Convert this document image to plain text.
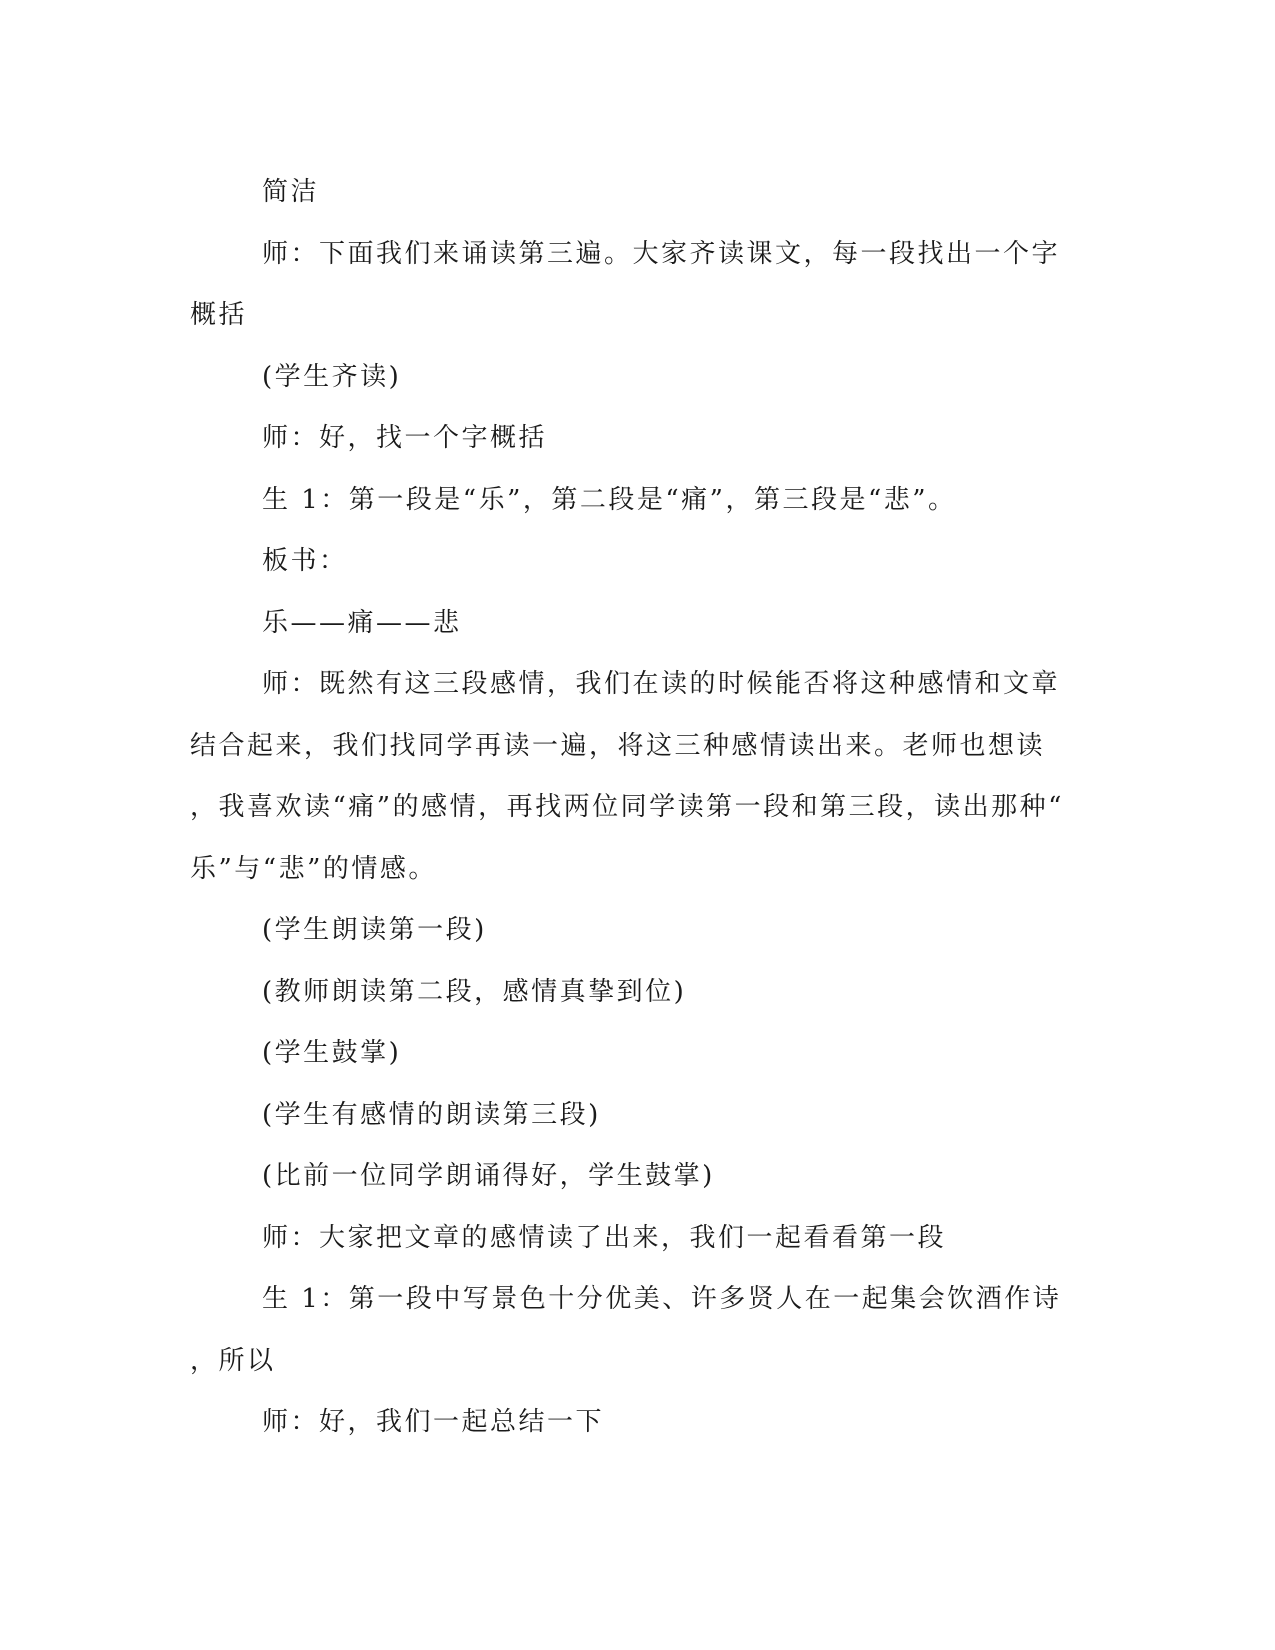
简洁

师：下面我们来诵读第三遍。大家齐读课文，每一段找出一个字

概括

(学生齐读)

师：好，找一个字概括

生 1：第一段是“乐”，第二段是“痛”，第三段是“悲”。

板书：

乐——痛——悲

师：既然有这三段感情，我们在读的时候能否将这种感情和文章

结合起来，我们找同学再读一遍，将这三种感情读出来。老师也想读

，我喜欢读“痛”的感情，再找两位同学读第一段和第三段，读出那种“

乐”与“悲”的情感。

(学生朗读第一段)

(教师朗读第二段，感情真挚到位)

(学生鼓掌)

(学生有感情的朗读第三段)

(比前一位同学朗诵得好，学生鼓掌)

师：大家把文章的感情读了出来，我们一起看看第一段

生 1：第一段中写景色十分优美、许多贤人在一起集会饮酒作诗

，所以

师：好，我们一起总结一下
